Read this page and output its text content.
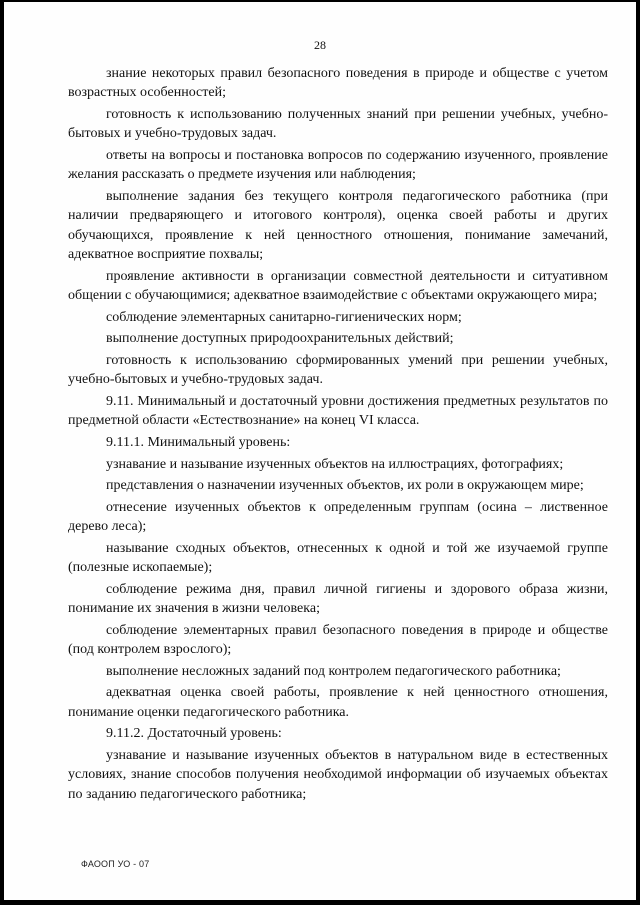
28

знание некоторых правил безопасного поведения в природе и обществе с учетом возрастных особенностей;

готовность к использованию полученных знаний при решении учебных, учебно-бытовых и учебно-трудовых задач.

ответы на вопросы и постановка вопросов по содержанию изученного, проявление желания рассказать о предмете изучения или наблюдения;

выполнение задания без текущего контроля педагогического работника (при наличии предваряющего и итогового контроля), оценка своей работы и других обучающихся, проявление к ней ценностного отношения, понимание замечаний, адекватное восприятие похвалы;

проявление активности в организации совместной деятельности и ситуативном общении с обучающимися; адекватное взаимодействие с объектами окружающего мира;

соблюдение элементарных санитарно-гигиенических норм;

выполнение доступных природоохранительных действий;

готовность к использованию сформированных умений при решении учебных, учебно-бытовых и учебно-трудовых задач.

9.11. Минимальный и достаточный уровни достижения предметных результатов по предметной области «Естествознание» на конец VI класса.

9.11.1. Минимальный уровень:

узнавание и называние изученных объектов на иллюстрациях, фотографиях;

представления о назначении изученных объектов, их роли в окружающем мире;

отнесение изученных объектов к определенным группам (осина – лиственное дерево леса);

называние сходных объектов, отнесенных к одной и той же изучаемой группе (полезные ископаемые);

соблюдение режима дня, правил личной гигиены и здорового образа жизни, понимание их значения в жизни человека;

соблюдение элементарных правил безопасного поведения в природе и обществе (под контролем взрослого);

выполнение несложных заданий под контролем педагогического работника;

адекватная оценка своей работы, проявление к ней ценностного отношения, понимание оценки педагогического работника.

9.11.2. Достаточный уровень:

узнавание и называние изученных объектов в натуральном виде в естественных условиях, знание способов получения необходимой информации об изучаемых объектах по заданию педагогического работника;

ФАООП УО - 07
